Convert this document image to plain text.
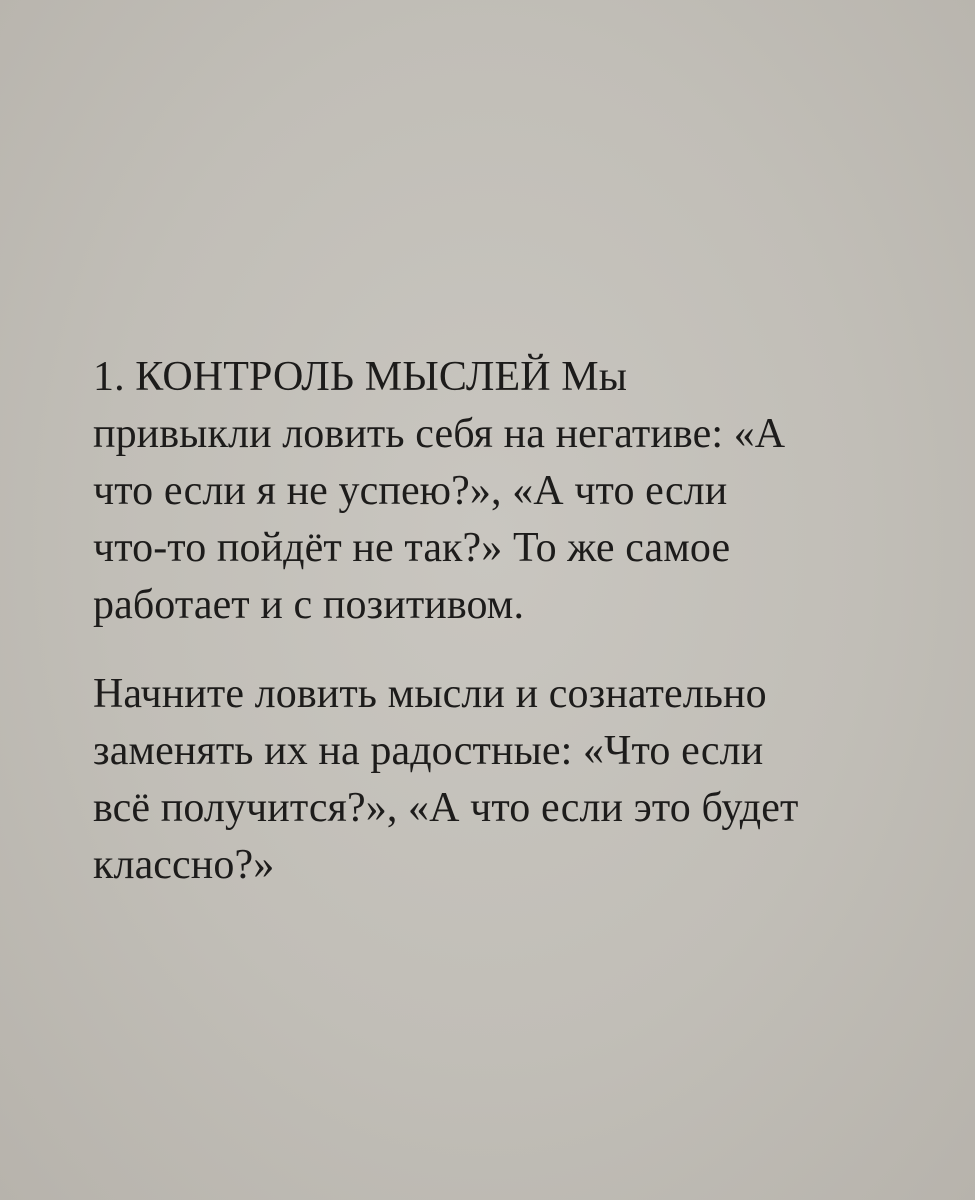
1. КОНТРОЛЬ МЫСЛЕЙ Мы
привыкли ловить себя на негативе: «А
что если я не успею?», «А что если
что-то пойдёт не так?» То же самое
работает и с позитивом.
Начните ловить мысли и сознательно
заменять их на радостные: «Что если
всё получится?», «А что если это будет
классно?»
